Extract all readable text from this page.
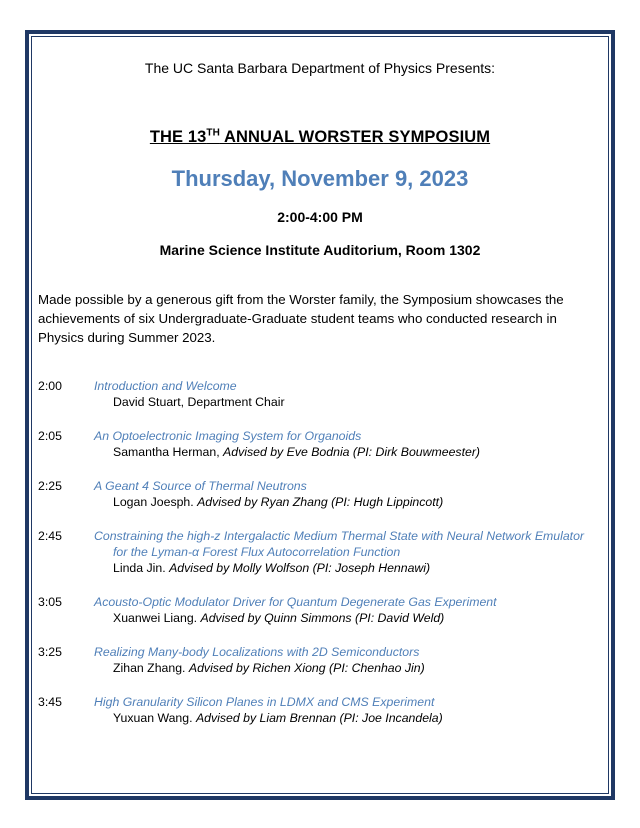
The UC Santa Barbara Department of Physics Presents:
THE 13TH ANNUAL WORSTER SYMPOSIUM
Thursday, November 9, 2023
2:00-4:00 PM
Marine Science Institute Auditorium, Room 1302
Made possible by a generous gift from the Worster family, the Symposium showcases the achievements of six Undergraduate-Graduate student teams who conducted research in Physics during Summer 2023.
2:00	Introduction and Welcome
David Stuart, Department Chair
2:05	An Optoelectronic Imaging System for Organoids
Samantha Herman, Advised by Eve Bodnia (PI: Dirk Bouwmeester)
2:25	A Geant 4 Source of Thermal Neutrons
Logan Joesph. Advised by Ryan Zhang (PI: Hugh Lippincott)
2:45	Constraining the high-z Intergalactic Medium Thermal State with Neural Network Emulator
for the Lyman-α Forest Flux Autocorrelation Function
Linda Jin. Advised by Molly Wolfson (PI: Joseph Hennawi)
3:05	Acousto-Optic Modulator Driver for Quantum Degenerate Gas Experiment
Xuanwei Liang. Advised by Quinn Simmons (PI: David Weld)
3:25	Realizing Many-body Localizations with 2D Semiconductors
Zihan Zhang. Advised by Richen Xiong (PI: Chenhao Jin)
3:45	High Granularity Silicon Planes in LDMX and CMS Experiment
Yuxuan Wang. Advised by Liam Brennan (PI: Joe Incandela)
